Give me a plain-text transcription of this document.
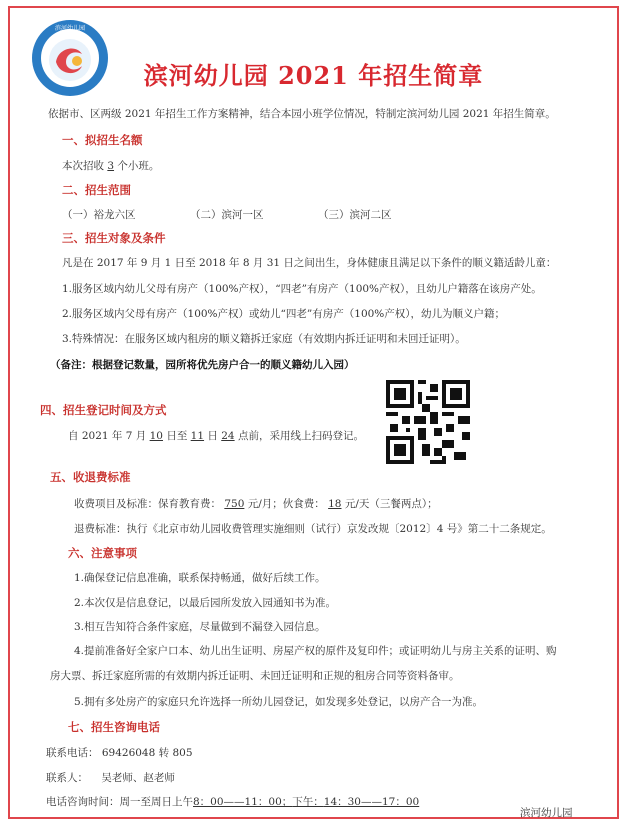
滨河幼儿园
滨河幼儿园 2021 年招生简章
依据市、区两级 2021 年招生工作方案精神，结合本园小班学位情况，特制定滨河幼儿园 2021 年招生简章。
一、拟招生名额
本次招收 3 个小班。
二、招生范围
（一）裕龙六区	（二）滨河一区	（三）滨河二区
三、招生对象及条件
凡是在 2017 年 9 月 1 日至 2018 年 8 月 31 日之间出生，身体健康且满足以下条件的顺义籍适龄儿童：
1.服务区域内幼儿父母有房产（100%产权），“四老”有房产（100%产权），且幼儿户籍落在该房产处。
2.服务区域内父母有房产（100%产权）或幼儿“四老”有房产（100%产权），幼儿为顺义户籍；
3.特殊情况：在服务区域内租房的顺义籍拆迁家庭（有效期内拆迁证明和未回迁证明）。
（备注：根据登记数量，园所将优先房户合一的顺义籍幼儿入园）
四、招生登记时间及方式
自 2021 年 7 月 10 日至 11 日 24 点前，采用线上扫码登记。
五、收退费标准
收费项目及标准：保育教育费： 750 元/月；伙食费： 18 元/天（三餐两点）；
退费标准：执行《北京市幼儿园收费管理实施细则（试行）京发改规〔2012〕4 号》第二十二条规定。
六、注意事项
1.确保登记信息准确，联系保持畅通，做好后续工作。
2.本次仅是信息登记，以最后园所发放入园通知书为准。
3.相互告知符合条件家庭，尽量做到不漏登入园信息。
4.提前准备好全家户口本、幼儿出生证明、房屋产权的原件及复印件；或证明幼儿与房主关系的证明、购
房大票、拆迁家庭所需的有效期内拆迁证明、未回迁证明和正规的租房合同等资料备审。
5.拥有多处房产的家庭只允许选择一所幼儿园登记，如发现多处登记，以房产合一为准。
七、招生咨询电话
联系电话： 69426048 转 805
联系人： 吴老师、赵老师
电话咨询时间：周一至周日上午8：00——11：00；下午：14：30——17：00
滨河幼儿园
